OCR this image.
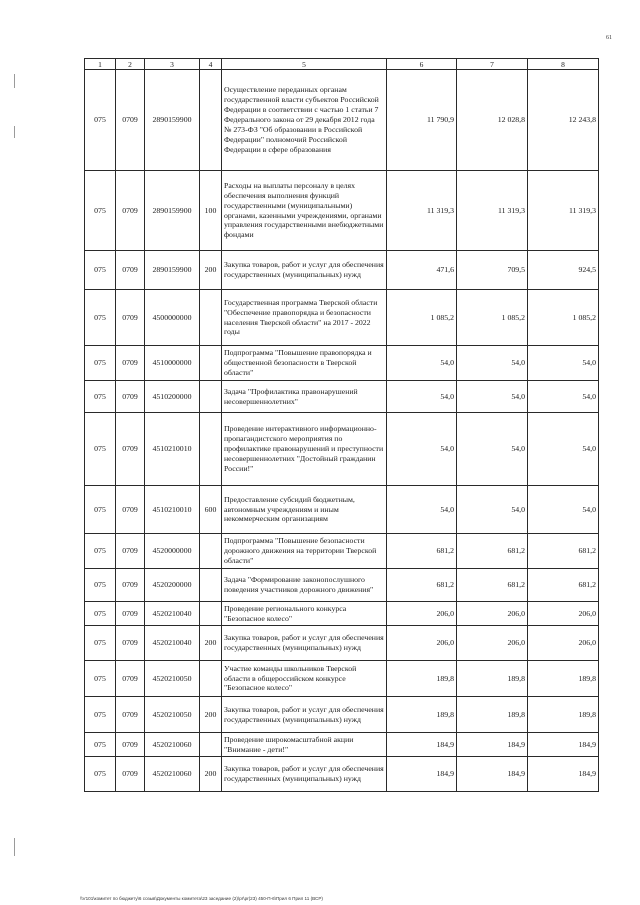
61
1	2	3	4	5	6	7	8
075	0709	2890159900		Осуществление переданных органам государственной власти субъектов Российской Федерации в соответствии с частью 1 статьи 7 Федерального закона от 29 декабря 2012 года № 273-ФЗ "Об образовании в Российской Федерации" полномочий Российской Федерации в сфере образования	11 790,9	12 028,8	12 243,8
075	0709	2890159900	100	Расходы на выплаты персоналу в целях обеспечения выполнения функций государственными (муниципальными) органами, казенными учреждениями, органами управления государственными внебюджетными фондами	11 319,3	11 319,3	11 319,3
075	0709	2890159900	200	Закупка товаров, работ и услуг для обеспечения государственных (муниципальных) нужд	471,6	709,5	924,5
075	0709	4500000000		Государственная программа Тверской области "Обеспечение правопорядка и безопасности населения Тверской области" на 2017 - 2022 годы	1 085,2	1 085,2	1 085,2
075	0709	4510000000		Подпрограмма "Повышение правопорядка и общественной безопасности в Тверской области"	54,0	54,0	54,0
075	0709	4510200000		Задача "Профилактика правонарушений несовершеннолетних"	54,0	54,0	54,0
075	0709	4510210010		Проведение интерактивного информационно-пропагандистского мероприятия по профилактике правонарушений и преступности несовершеннолетних "Достойный гражданин России!"	54,0	54,0	54,0
075	0709	4510210010	600	Предоставление субсидий бюджетным, автономным учреждениям и иным некоммерческим организациям	54,0	54,0	54,0
075	0709	4520000000		Подпрограмма "Повышение безопасности дорожного движения на территории Тверской области"	681,2	681,2	681,2
075	0709	4520200000		Задача "Формирование законопослушного поведения участников дорожного движения"	681,2	681,2	681,2
075	0709	4520210040		Проведение регионального конкурса "Безопасное колесо"	206,0	206,0	206,0
075	0709	4520210040	200	Закупка товаров, работ и услуг для обеспечения государственных (муниципальных) нужд	206,0	206,0	206,0
075	0709	4520210050		Участие команды школьников Тверской области в общероссийском конкурсе "Безопасное колесо"	189,8	189,8	189,8
075	0709	4520210050	200	Закупка товаров, работ и услуг для обеспечения государственных (муниципальных) нужд	189,8	189,8	189,8
075	0709	4520210060		Проведение широкомасштабной акции "Внимание - дети!"	184,9	184,9	184,9
075	0709	4520210060	200	Закупка товаров, работ и услуг для обеспечения государственных (муниципальных) нужд	184,9	184,9	184,9
\\V101\комитет по бюджету\6 созыв\Документы комитета\23 заседание (2)\pr\pr(23) 450-П-6\Прил 6 Прил 11 (ВСР)
